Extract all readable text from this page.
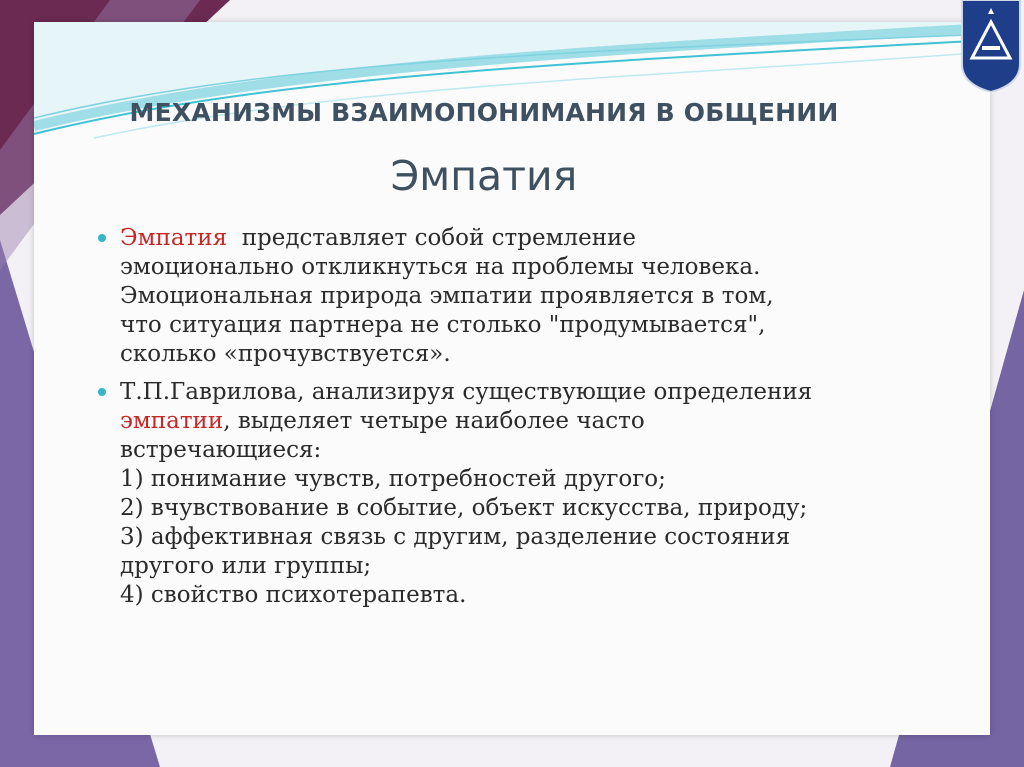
МЕХАНИЗМЫ ВЗАИМОПОНИМАНИЯ В ОБЩЕНИИ
Эмпатия
Эмпатия  представляет собой стремление
эмоционально откликнуться на проблемы человека.
Эмоциональная природа эмпатии проявляется в том,
что ситуация партнера не столько "продумывается",
сколько «прочувствуется».
Т.П.Гаврилова, анализируя существующие определения
эмпатии, выделяет четыре наиболее часто
встречающиеся:
1) понимание чувств, потребностей другого;
2) вчувствование в событие, объект искусства, природу;
3) аффективная связь с другим, разделение состояния
другого или группы;
4) свойство психотерапевта.
